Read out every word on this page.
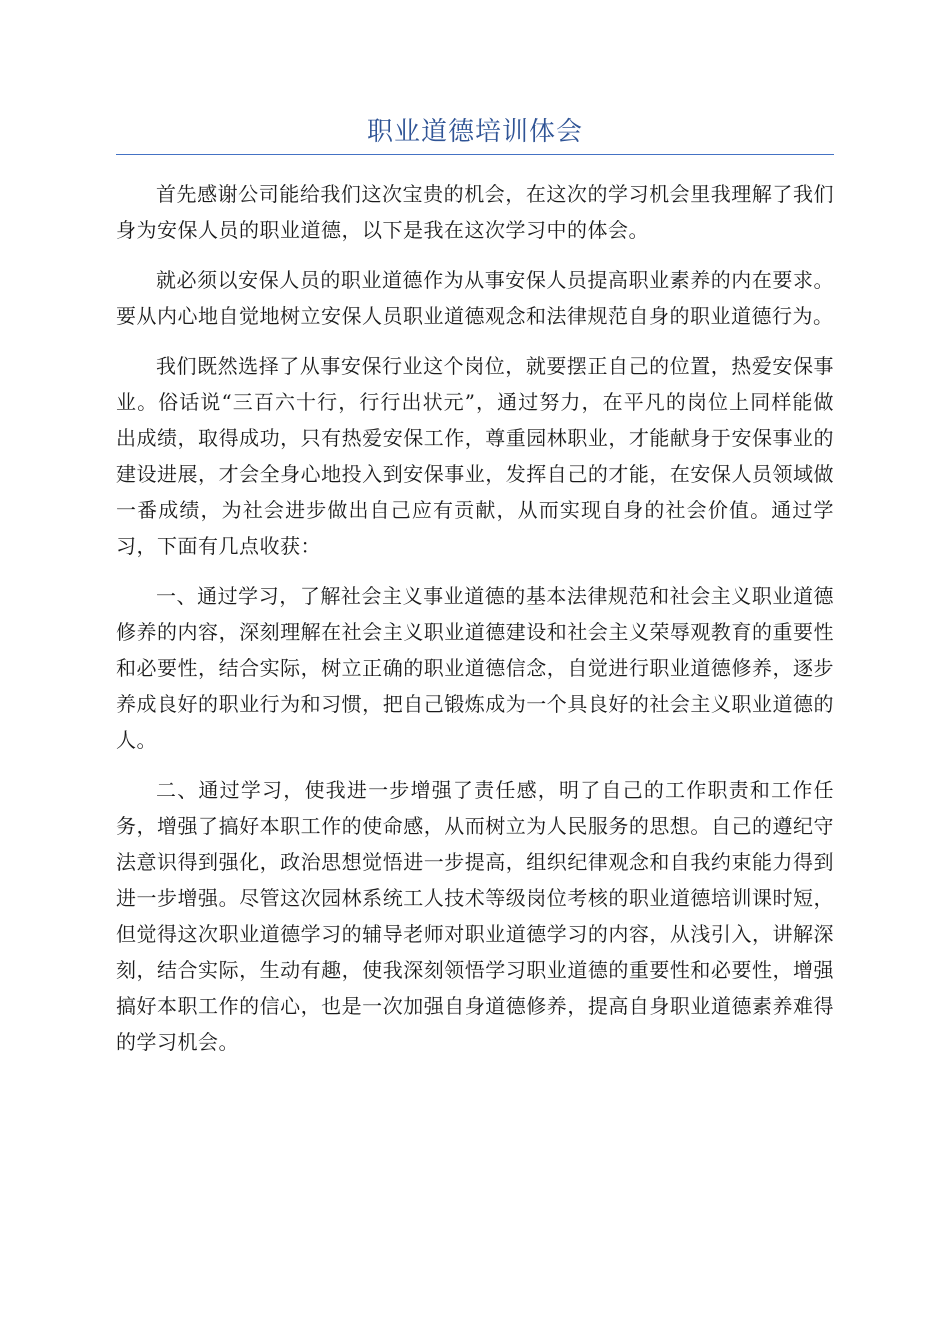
职业道德培训体会

首先感谢公司能给我们这次宝贵的机会，在这次的学习机会里我理解了我们身为安保人员的职业道德，以下是我在这次学习中的体会。

就必须以安保人员的职业道德作为从事安保人员提高职业素养的内在要求。要从内心地自觉地树立安保人员职业道德观念和法律规范自身的职业道德行为。

我们既然选择了从事安保行业这个岗位，就要摆正自己的位置，热爱安保事业。俗话说“三百六十行，行行出状元”，通过努力，在平凡的岗位上同样能做出成绩，取得成功，只有热爱安保工作，尊重园林职业，才能献身于安保事业的建设进展，才会全身心地投入到安保事业，发挥自己的才能，在安保人员领域做一番成绩，为社会进步做出自己应有贡献，从而实现自身的社会价值。通过学习，下面有几点收获：

一、通过学习，了解社会主义事业道德的基本法律规范和社会主义职业道德修养的内容，深刻理解在社会主义职业道德建设和社会主义荣辱观教育的重要性和必要性，结合实际，树立正确的职业道德信念，自觉进行职业道德修养，逐步养成良好的职业行为和习惯，把自己锻炼成为一个具良好的社会主义职业道德的人。

二、通过学习，使我进一步增强了责任感，明了自己的工作职责和工作任务，增强了搞好本职工作的使命感，从而树立为人民服务的思想。自己的遵纪守法意识得到强化，政治思想觉悟进一步提高，组织纪律观念和自我约束能力得到进一步增强。尽管这次园林系统工人技术等级岗位考核的职业道德培训课时短，但觉得这次职业道德学习的辅导老师对职业道德学习的内容，从浅引入，讲解深刻，结合实际，生动有趣，使我深刻领悟学习职业道德的重要性和必要性，增强搞好本职工作的信心，也是一次加强自身道德修养，提高自身职业道德素养难得的学习机会。
